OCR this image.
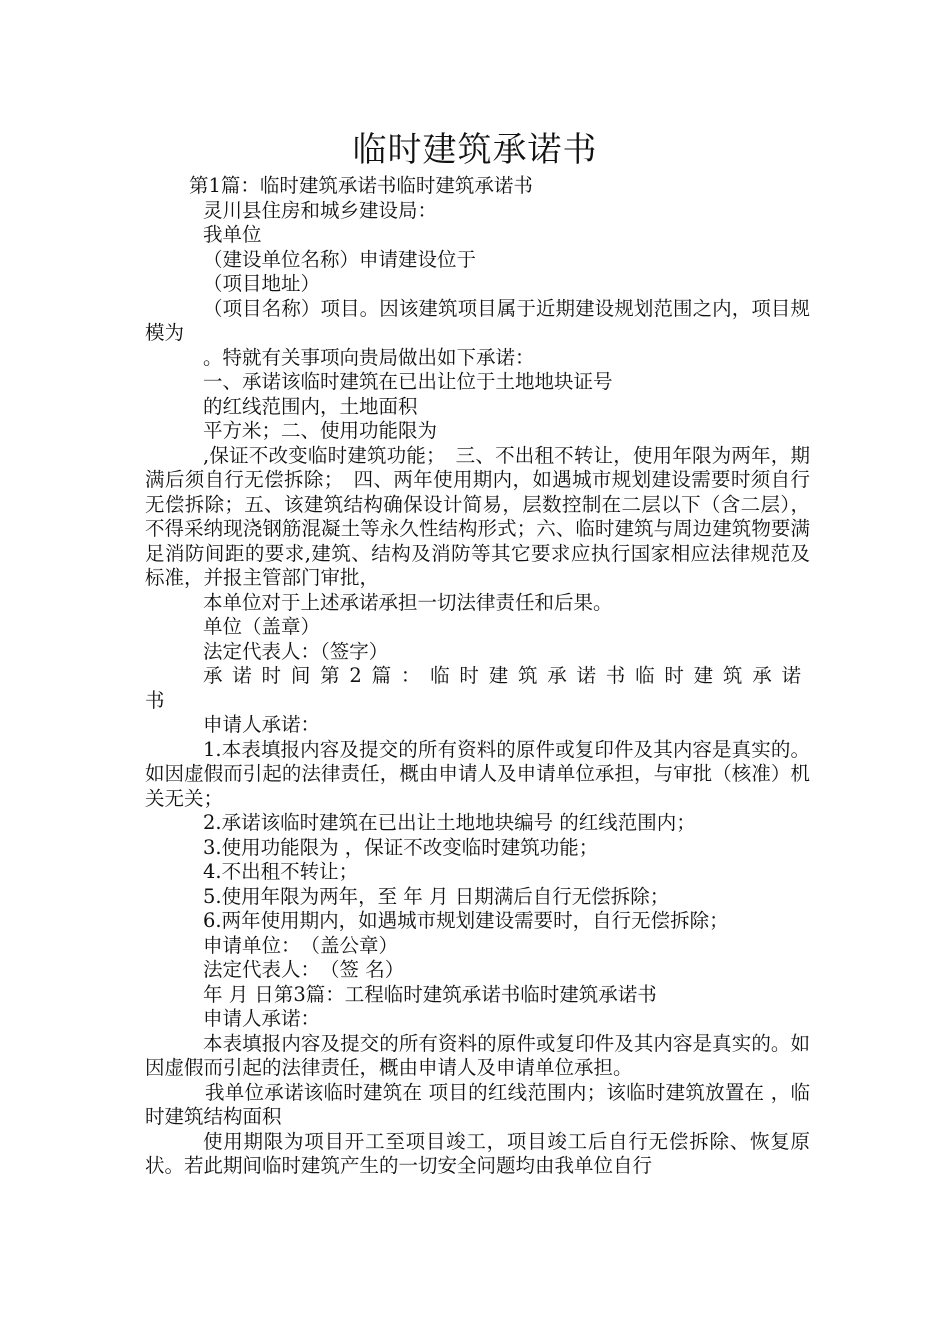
临时建筑承诺书

第1篇：临时建筑承诺书临时建筑承诺书

灵川县住房和城乡建设局：

我单位

（建设单位名称）申请建设位于

（项目地址）

（项目名称）项目。因该建筑项目属于近期建设规划范围之内，项目规模为

。特就有关事项向贵局做出如下承诺：

一、承诺该临时建筑在已出让位于土地地块证号

的红线范围内，土地面积

平方米；二、使用功能限为

,保证不改变临时建筑功能；　三、不出租不转让，使用年限为两年，期满后须自行无偿拆除；　四、两年使用期内，如遇城市规划建设需要时须自行无偿拆除；五、该建筑结构确保设计简易，层数控制在二层以下（含二层），不得采纳现浇钢筋混凝土等永久性结构形式；六、临时建筑与周边建筑物要满足消防间距的要求,建筑、结构及消防等其它要求应执行国家相应法律规范及标准，并报主管部门审批，

本单位对于上述承诺承担一切法律责任和后果。

单位（盖章）

法定代表人：（签字）

承诺时间第2篇：临时建筑承诺书临时建筑承诺书

申请人承诺：

1.本表填报内容及提交的所有资料的原件或复印件及其内容是真实的。如因虚假而引起的法律责任，概由申请人及申请单位承担，与审批（核准）机关无关；

2.承诺该临时建筑在已出让土地地块编号 的红线范围内；

3.使用功能限为 ，保证不改变临时建筑功能；

4.不出租不转让；

5.使用年限为两年，至 年 月 日期满后自行无偿拆除；

6.两年使用期内，如遇城市规划建设需要时，自行无偿拆除；

申请单位：　（盖公章）

法定代表人：　（签 名）

年 月 日第3篇：工程临时建筑承诺书临时建筑承诺书

申请人承诺：

本表填报内容及提交的所有资料的原件或复印件及其内容是真实的。如因虚假而引起的法律责任，概由申请人及申请单位承担。

我单位承诺该临时建筑在 项目的红线范围内；该临时建筑放置在 ，临时建筑结构面积

使用期限为项目开工至项目竣工，项目竣工后自行无偿拆除、恢复原状。若此期间临时建筑产生的一切安全问题均由我单位自行
